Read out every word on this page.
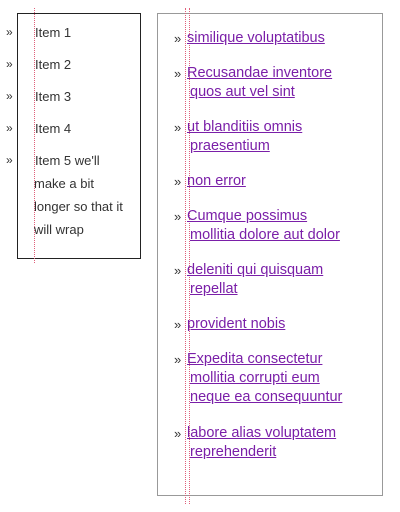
» Item 1
» Item 2
» Item 3
» Item 4
» Item 5 we'll
make a bit
longer so that it
will wrap
» similique voluptatibus
» Recusandae inventore
quos aut vel sint
» ut blanditiis omnis
praesentium
» non error
» Cumque possimus
mollitia dolore aut dolor
» deleniti qui quisquam
repellat
» provident nobis
» Expedita consectetur
mollitia corrupti eum
neque ea consequuntur
» labore alias voluptatem
reprehenderit
